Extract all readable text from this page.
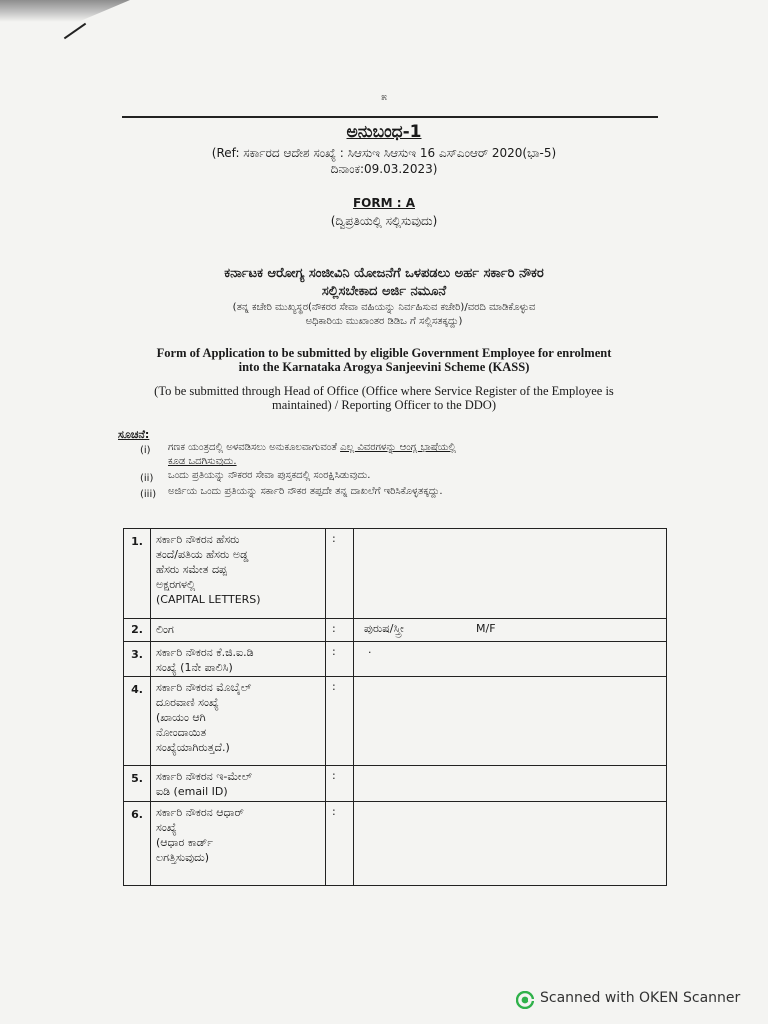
೫
ಅನುಬಂಧ-1
(Ref: ಸರ್ಕಾರದ ಆದೇಶ ಸಂಖ್ಯೆ : ಸಿಆಸುಇ ಸಿಆಸುಇ 16 ಎಸ್ಎಂಆರ್ 2020(ಭಾ-5)
ದಿನಾಂಕ:09.03.2023)
FORM : A
(ದ್ವಿಪ್ರತಿಯಲ್ಲಿ ಸಲ್ಲಿಸುವುದು)
ಕರ್ನಾಟಕ ಆರೋಗ್ಯ ಸಂಜೀವಿನಿ ಯೋಜನೆಗೆ ಒಳಪಡಲು ಅರ್ಹ ಸರ್ಕಾರಿ ನೌಕರ
ಸಲ್ಲಿಸಬೇಕಾದ ಅರ್ಜಿ ನಮೂನೆ
(ತನ್ನ ಕಚೇರಿ ಮುಖ್ಯಸ್ಥರ(ನೌಕರರ ಸೇವಾ ವಹಿಯನ್ನು ನಿರ್ವಹಿಸುವ ಕಚೇರಿ)/ವರದಿ ಮಾಡಿಕೊಳ್ಳುವ
ಅಧಿಕಾರಿಯ ಮುಖಾಂತರ ಡಿಡಿಒ ಗೆ ಸಲ್ಲಿಸತಕ್ಕದ್ದು)
Form of Application to be submitted by eligible Government Employee for enrolment
into the Karnataka Arogya Sanjeevini Scheme (KASS)
(To be submitted through Head of Office (Office where Service Register of the Employee is
maintained) / Reporting Officer to the DDO)
ಸೂಚನೆ:
(i) ಗಣಕ ಯಂತ್ರದಲ್ಲಿ ಅಳವಡಿಸಲು ಅನುಕೂಲವಾಗುವಂತೆ ಎಲ್ಲ ವಿವರಗಳನ್ನು ಆಂಗ್ಲ ಭಾಷೆಯಲ್ಲಿ
ಕೂಡ ಒದಗಿಸುವುದು.
(ii) ಒಂದು ಪ್ರತಿಯನ್ನು ನೌಕರರ ಸೇವಾ ಪುಸ್ತಕದಲ್ಲಿ ಸಂರಕ್ಷಿಸಿಡುವುದು.
(iii) ಅರ್ಜಿಯ ಒಂದು ಪ್ರತಿಯನ್ನು ಸರ್ಕಾರಿ ನೌಕರ ತಪ್ಪದೇ ತನ್ನ ದಾಖಲೆಗೆ ಇರಿಸಿಕೊಳ್ಳತಕ್ಕದ್ದು.
1.	ಸರ್ಕಾರಿ ನೌಕರನ ಹೆಸರು
ತಂದೆ/ಪತಿಯ ಹೆಸರು ಅಡ್ಡ
ಹೆಸರು ಸಮೇತ ದಪ್ಪ
ಅಕ್ಷರಗಳಲ್ಲಿ
(CAPITAL LETTERS)
:
2.	ಲಿಂಗ	:	ಪುರುಷ/ಸ್ತ್ರೀ	M/F
3.	ಸರ್ಕಾರಿ ನೌಕರನ ಕೆ.ಜಿ.ಐ.ಡಿ
ಸಂಖ್ಯೆ (1ನೇ ಪಾಲಿಸಿ)
:	·
4.	ಸರ್ಕಾರಿ ನೌಕರನ ಮೊಬೈಲ್
ದೂರವಾಣಿ ಸಂಖ್ಯೆ
(ಖಾಯಂ ಆಗಿ
ನೋಂದಾಯಿತ
ಸಂಖ್ಯೆಯಾಗಿರುತ್ತದೆ.)
:
5.	ಸರ್ಕಾರಿ ನೌಕರನ ಇ-ಮೇಲ್
ಐಡಿ (email ID)
:
6.	ಸರ್ಕಾರಿ ನೌಕರನ ಆಧಾರ್
ಸಂಖ್ಯೆ
(ಆಧಾರ ಕಾರ್ಡ್
ಲಗತ್ತಿಸುವುದು)
:
Scanned with OKEN Scanner
